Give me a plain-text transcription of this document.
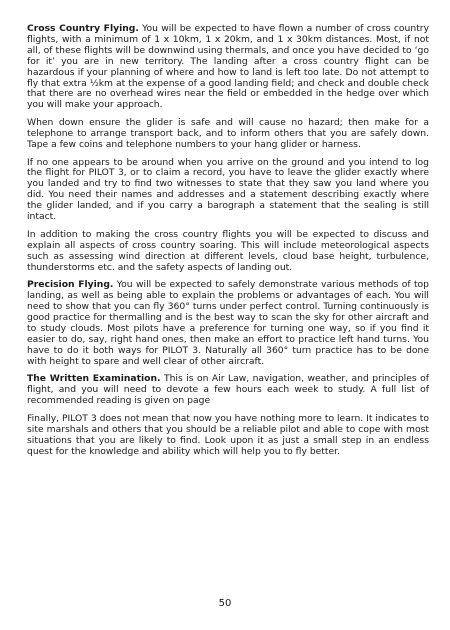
Cross Country Flying. You will be expected to have flown a number of cross country flights, with a minimum of 1 x 10km, 1 x 20km, and 1 x 30km distances. Most, if not all, of these flights will be downwind using thermals, and once you have decided to ‘go for it’ you are in new territory. The landing after a cross country flight can be hazardous if your planning of where and how to land is left too late. Do not attempt to fly that extra ½km at the expense of a good landing field; and check and double check that there are no overhead wires near the field or embedded in the hedge over which you will make your approach.

When down ensure the glider is safe and will cause no hazard; then make for a telephone to arrange transport back, and to inform others that you are safely down. Tape a few coins and telephone numbers to your hang glider or harness.

If no one appears to be around when you arrive on the ground and you intend to log the flight for PILOT 3, or to claim a record, you have to leave the glider exactly where you landed and try to find two witnesses to state that they saw you land where you did. You need their names and addresses and a statement describing exactly where the glider landed, and if you carry a barograph a statement that the sealing is still intact.

In addition to making the cross country flights you will be expected to discuss and explain all aspects of cross country soaring. This will include meteorological aspects such as assessing wind direction at different levels, cloud base height, turbulence, thunderstorms etc. and the safety aspects of landing out.

Precision Flying. You will be expected to safely demonstrate various methods of top landing, as well as being able to explain the problems or advantages of each. You will need to show that you can fly 360° turns under perfect control. Turning continuously is good practice for thermalling and is the best way to scan the sky for other aircraft and to study clouds. Most pilots have a preference for turning one way, so if you find it easier to do, say, right hand ones, then make an effort to practice left hand turns. You have to do it both ways for PILOT 3. Naturally all 360° turn practice has to be done with height to spare and well clear of other aircraft.

The Written Examination. This is on Air Law, navigation, weather, and principles of flight, and you will need to devote a few hours each week to study. A full list of recommended reading is given on page

Finally, PILOT 3 does not mean that now you have nothing more to learn. It indicates to site marshals and others that you should be a reliable pilot and able to cope with most situations that you are likely to find. Look upon it as just a small step in an endless quest for the knowledge and ability which will help you to fly better.

50
